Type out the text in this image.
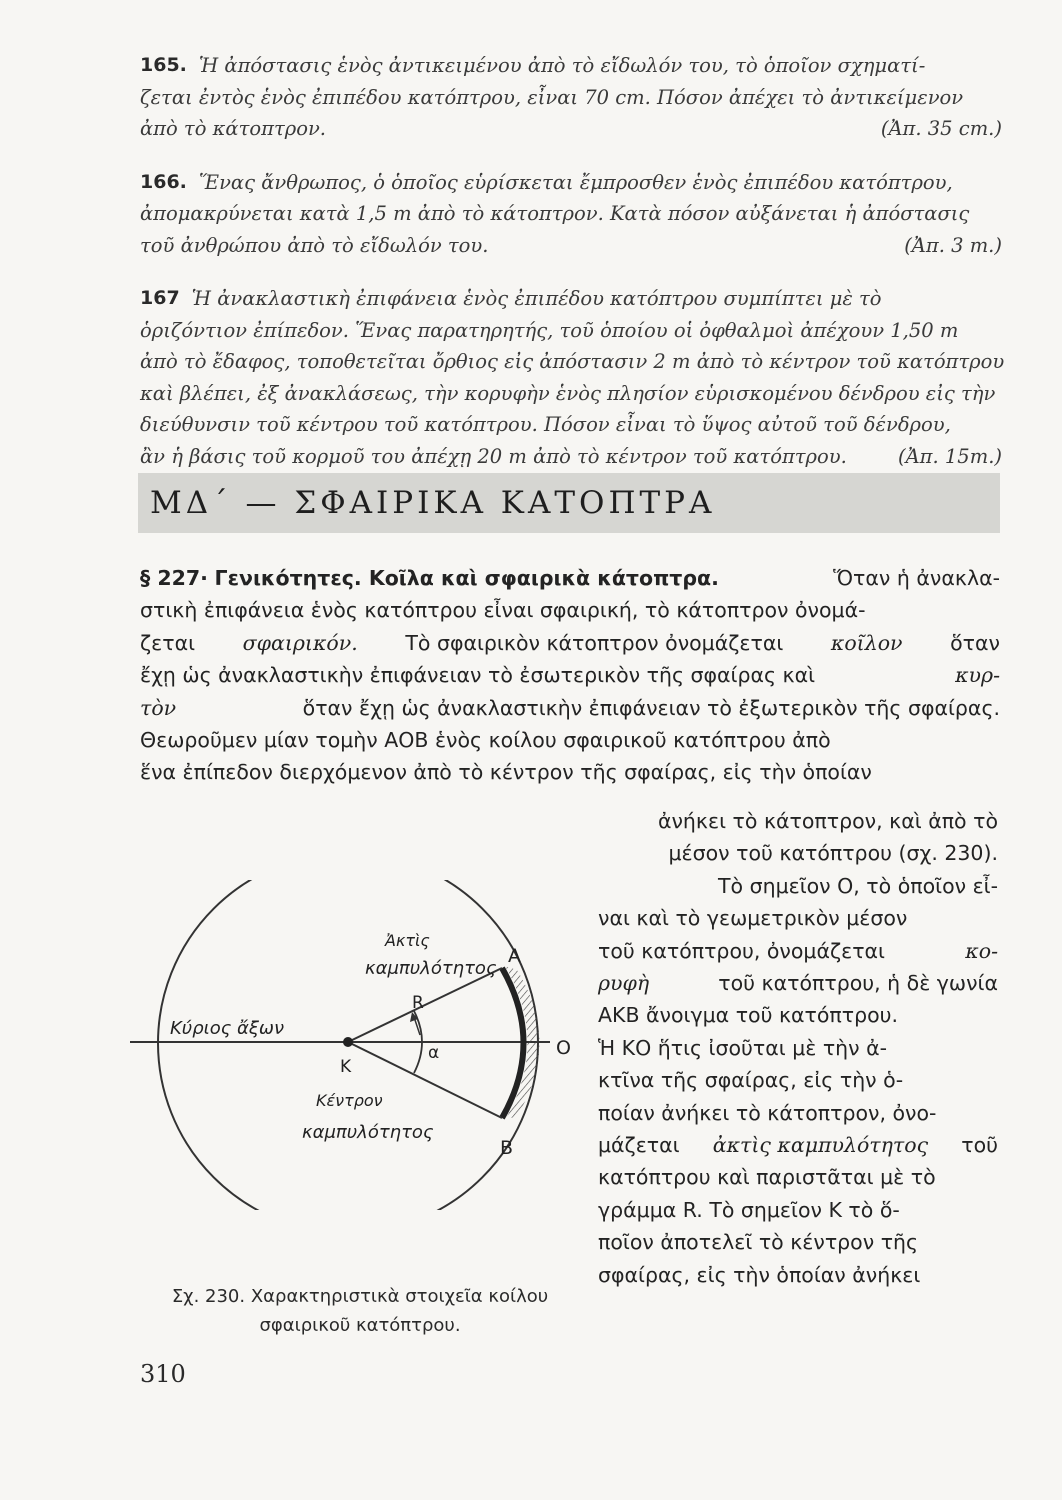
165. Ἡ ἀπόστασις ἑνὸς ἀντικειμένου ἀπὸ τὸ εἴδωλόν του, τὸ ὁποῖον σχηματί-
ζεται ἐντὸς ἑνὸς ἐπιπέδου κατόπτρου, εἶναι 70 cm. Πόσον ἀπέχει τὸ ἀντικείμενον
ἀπὸ τὸ κάτοπτρον.	(Ἀπ. 35 cm.)
166. Ἕνας ἄνθρωπος, ὁ ὁποῖος εὑρίσκεται ἔμπροσθεν ἑνὸς ἐπιπέδου κατόπτρου,
ἀπομακρύνεται κατὰ 1,5 m ἀπὸ τὸ κάτοπτρον. Κατὰ πόσον αὐξάνεται ἡ ἀπόστασις
τοῦ ἀνθρώπου ἀπὸ τὸ εἴδωλόν του.	(Ἀπ. 3 m.)
167 Ἡ ἀνακλαστικὴ ἐπιφάνεια ἑνὸς ἐπιπέδου κατόπτρου συμπίπτει μὲ τὸ
ὁριζόντιον ἐπίπεδον. Ἕνας παρατηρητής, τοῦ ὁποίου οἱ ὀφθαλμοὶ ἀπέχουν 1,50 m
ἀπὸ τὸ ἔδαφος, τοποθετεῖται ὄρθιος εἰς ἀπόστασιν 2 m ἀπὸ τὸ κέντρον τοῦ κατόπτρου
καὶ βλέπει, ἐξ ἀνακλάσεως, τὴν κορυφὴν ἑνὸς πλησίον εὑρισκομένου δένδρου εἰς τὴν
διεύθυνσιν τοῦ κέντρου τοῦ κατόπτρου. Πόσον εἶναι τὸ ὕψος αὐτοῦ τοῦ δένδρου,
ἂν ἡ βάσις τοῦ κορμοῦ του ἀπέχῃ 20 m ἀπὸ τὸ κέντρον τοῦ κατόπτρου.	(Ἀπ. 15m.)
ΜΔ΄ — ΣΦΑΙΡΙΚΑ ΚΑΤΟΠΤΡΑ
§ 227· Γενικότητες. Κοῖλα καὶ σφαιρικὰ κάτοπτρα.	Ὅταν ἡ ἀνακλα-
στικὴ ἐπιφάνεια ἑνὸς κατόπτρου εἶναι σφαιρική, τὸ κάτοπτρον ὀνομά-
ζεται σφαιρικόν. Τὸ σφαιρικὸν κάτοπτρον ὀνομάζεται κοῖλον ὅταν
ἔχῃ ὡς ἀνακλαστικὴν ἐπιφάνειαν τὸ ἐσωτερικὸν τῆς σφαίρας καὶ	κυρ-
τὸν	ὅταν ἔχῃ ὡς ἀνακλαστικὴν ἐπιφάνειαν τὸ ἐξωτερικὸν τῆς σφαίρας.
Θεωροῦμεν μίαν τομὴν ΑΟΒ ἑνὸς κοίλου σφαιρικοῦ κατόπτρου ἀπὸ
ἕνα ἐπίπεδον διερχόμενον ἀπὸ τὸ κέντρον τῆς σφαίρας, εἰς τὴν ὁποίαν
ἀνήκει τὸ κάτοπτρον, καὶ ἀπὸ τὸ
μέσον τοῦ κατόπτρου (σχ. 230).
Τὸ σημεῖον Ο, τὸ ὁποῖον εἶ-
ναι καὶ τὸ γεωμετρικὸν μέσον
τοῦ κατόπτρου, ὀνομάζεται	κο-
ρυφὴ	τοῦ κατόπτρου, ἡ δὲ γωνία
ΑΚΒ ἄνοιγμα τοῦ κατόπτρου.
Ἡ ΚΟ ἥτις ἰσοῦται μὲ τὴν ἀ-
κτῖνα τῆς σφαίρας, εἰς τὴν ὁ-
ποίαν ἀνήκει τὸ κάτοπτρον, ὀνο-
μάζεται ἀκτὶς καμπυλότητος τοῦ
κατόπτρου καὶ παριστᾶται μὲ τὸ
γράμμα R. Τὸ σημεῖον Κ τὸ ὅ-
ποῖον ἀποτελεῖ τὸ κέντρον τῆς
σφαίρας, εἰς τὴν ὁποίαν ἀνήκει
Ἀκτὶς
καμπυλότητος
A
R
Κύριος ἄξων
α
K
O
Κέντρον
καμπυλότητος
B
Σχ. 230. Χαρακτηριστικὰ στοιχεῖα κοίλου
σφαιρικοῦ κατόπτρου.
310
